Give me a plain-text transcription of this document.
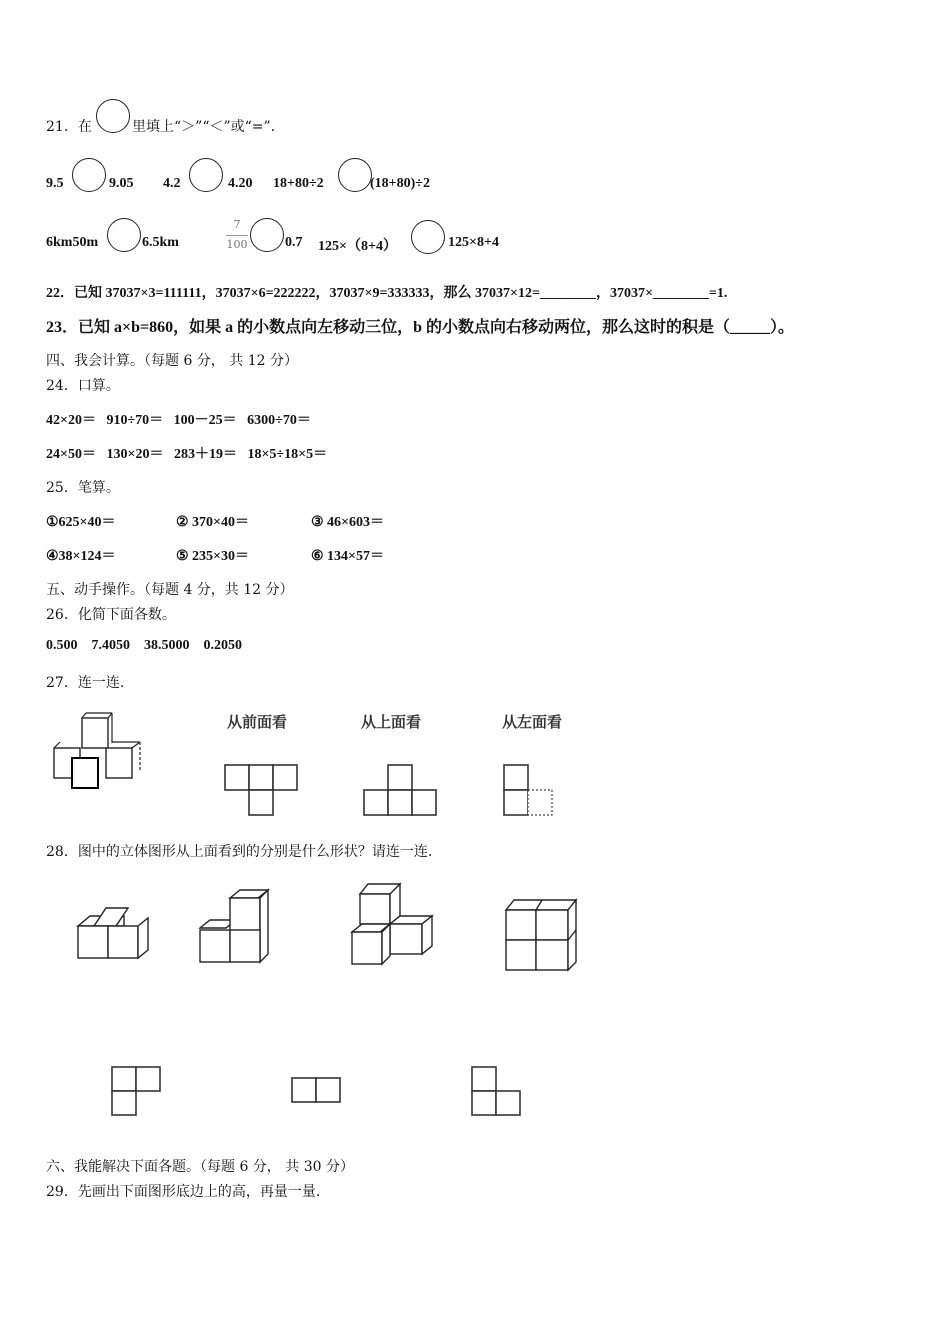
21．在	里填上“＞”“＜”或“=”.
9.5	9.05 4.2	4.20 18+80÷2	(18+80)÷2
6km50m	6.5km
7
100	0.7 125×（8+4）	125×8+4
22．已知 37037×3=111111，37037×6=222222，37037×9=333333，那么 37037×12=________，37037×________=1.
23．已知 a×b=860，如果 a 的小数点向左移动三位，b 的小数点向右移动两位，那么这时的积是（_____）。
四、我会计算。（每题 6 分， 共 12 分）
24．口算。
42×20＝   910÷70＝   100－25＝   6300÷70＝
24×50＝   130×20＝   283＋19＝   18×5÷18×5＝
25．笔算。
①625×40＝	② 370×40＝	③ 46×603＝
④38×124＝	⑤ 235×30＝	⑥ 134×57＝
五、动手操作。（每题 4 分，共 12 分）
26．化简下面各数。
0.500    7.4050    38.5000    0.2050
27．连一连.
从前面看	从上面看	从左面看
28．图中的立体图形从上面看到的分别是什么形状？请连一连.
六、我能解决下面各题。（每题 6 分， 共 30 分）
29．先画出下面图形底边上的高，再量一量.
